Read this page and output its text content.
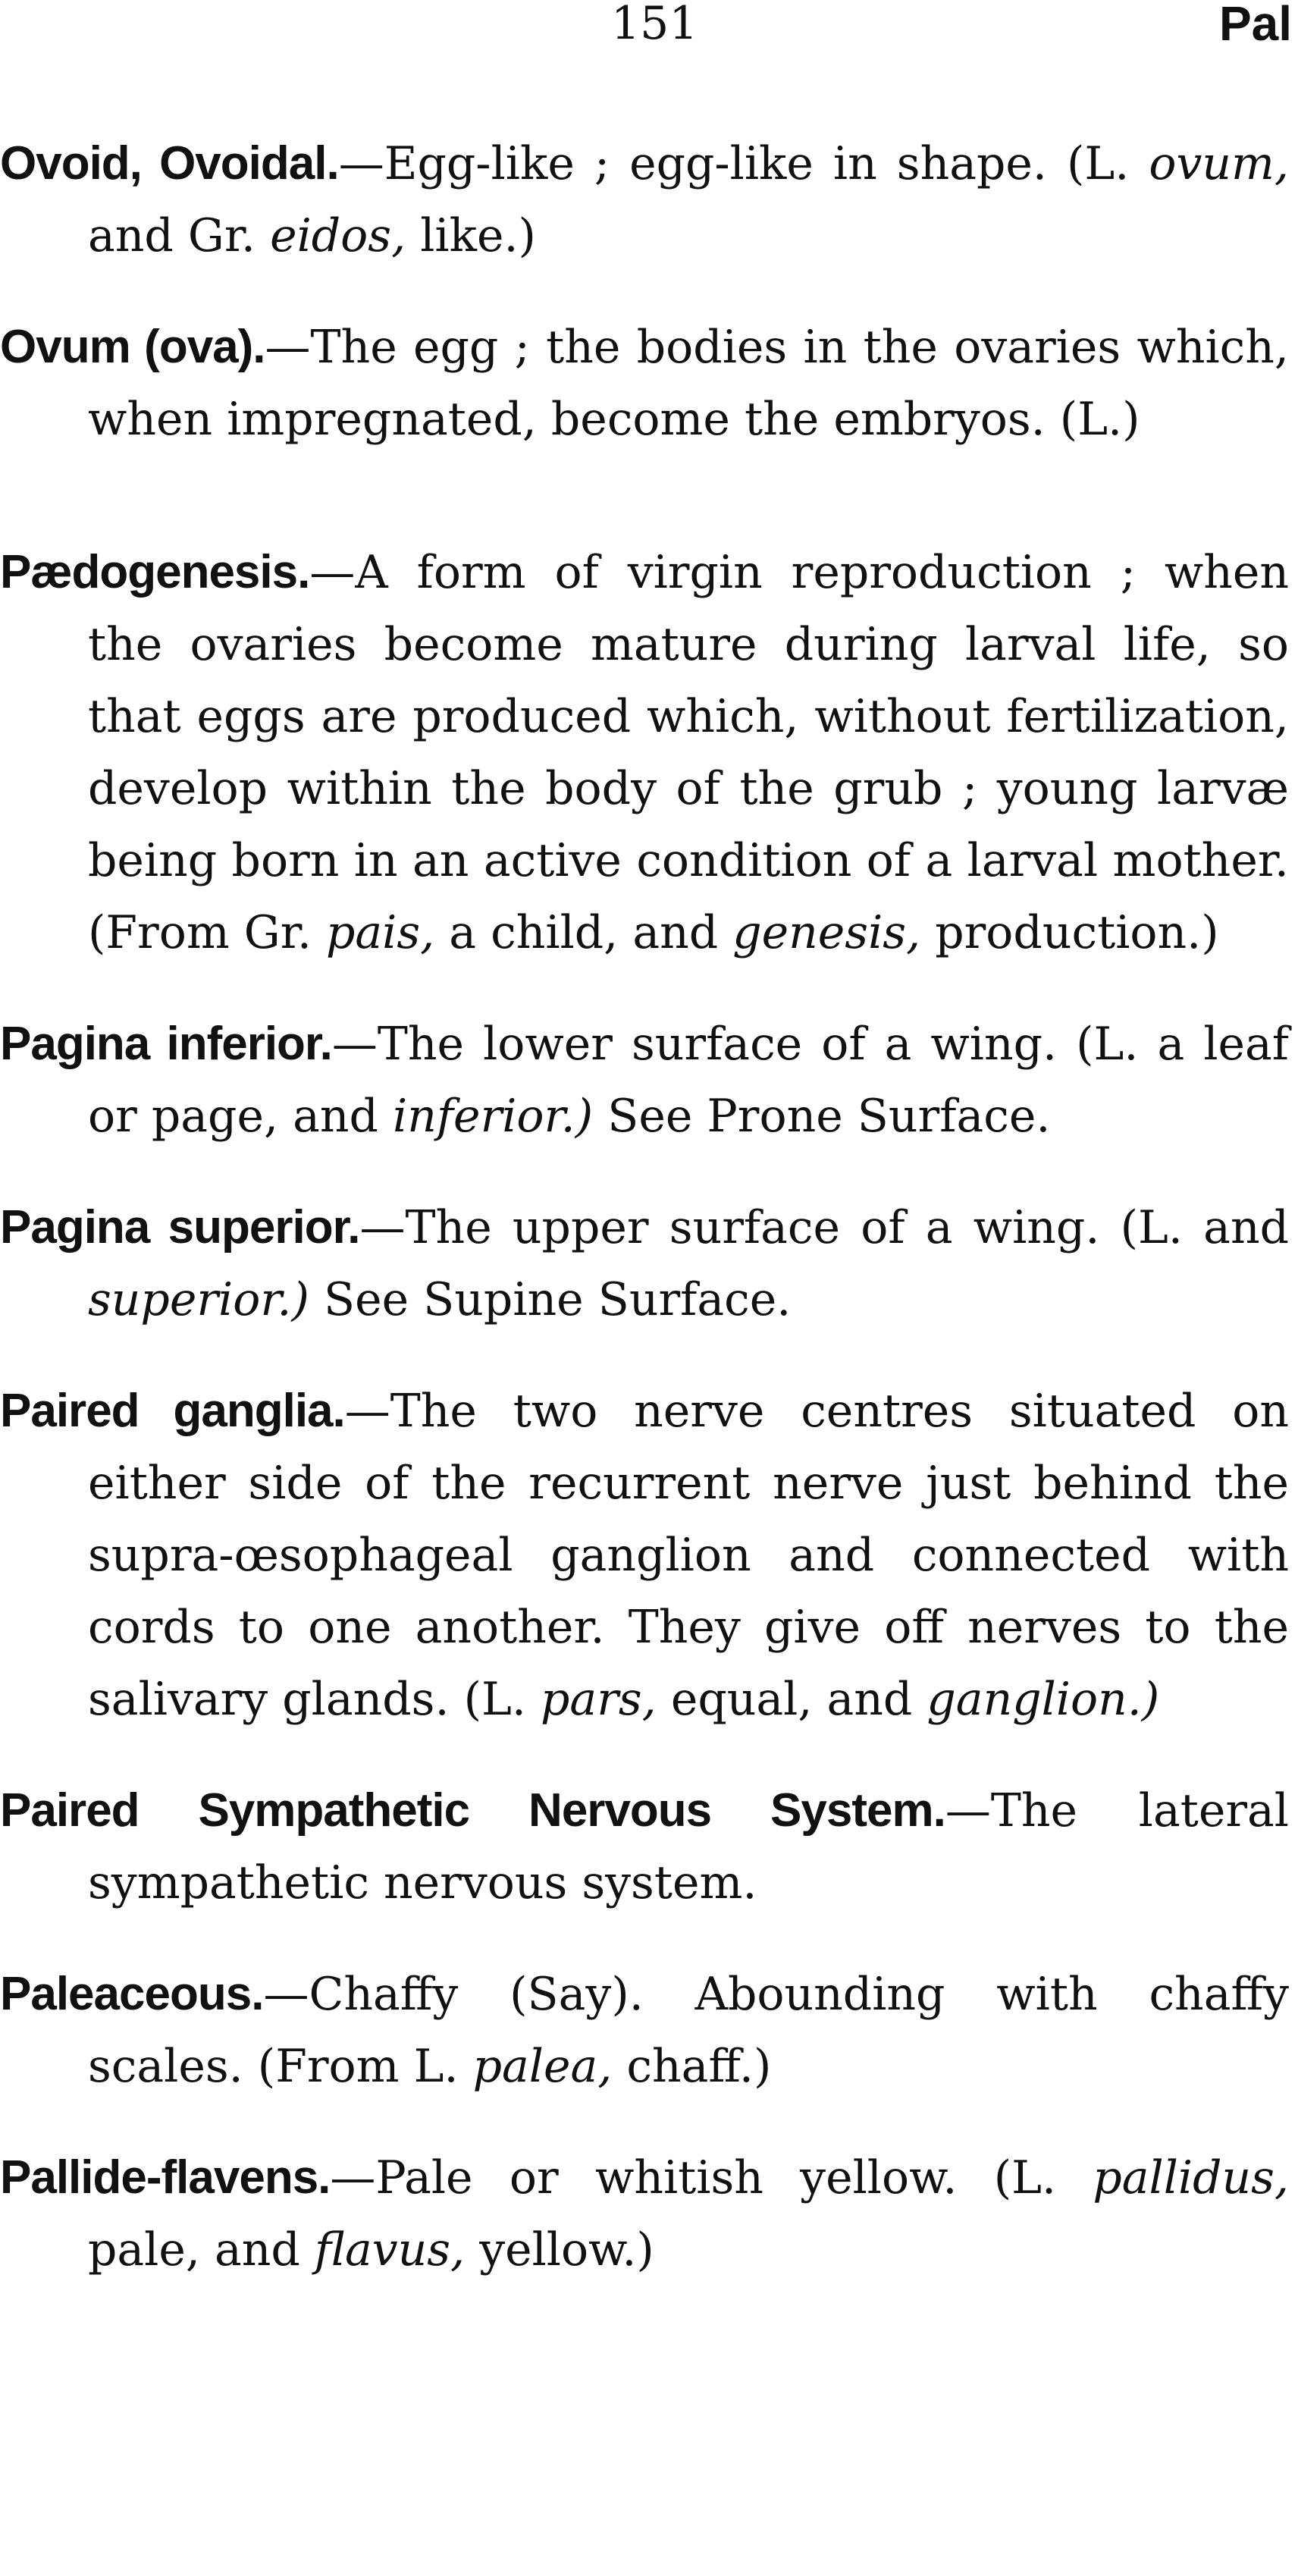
151	Pal

Ovoid, Ovoidal.—Egg-like ; egg-like in shape. (L. ovum, and Gr. eidos, like.)

Ovum (ova).—The egg ; the bodies in the ovaries which, when impregnated, become the embryos. (L.)

Pædogenesis.—A form of virgin reproduction ; when the ovaries become mature during larval life, so that eggs are produced which, without fertilization, develop within the body of the grub ; young larvæ being born in an active condition of a larval mother. (From Gr. pais, a child, and genesis, production.)

Pagina inferior.—The lower surface of a wing. (L. a leaf or page, and inferior.) See Prone Surface.

Pagina superior.—The upper surface of a wing. (L. and superior.) See Supine Surface.

Paired ganglia.—The two nerve centres situated on either side of the recurrent nerve just behind the supra-œsophageal ganglion and connected with cords to one another. They give off nerves to the salivary glands. (L. pars, equal, and ganglion.)

Paired Sympathetic Nervous System.—The lateral sympathetic nervous system.

Paleaceous.—Chaffy (Say). Abounding with chaffy scales. (From L. palea, chaff.)

Pallide-flavens.—Pale or whitish yellow. (L. pallidus, pale, and flavus, yellow.)
